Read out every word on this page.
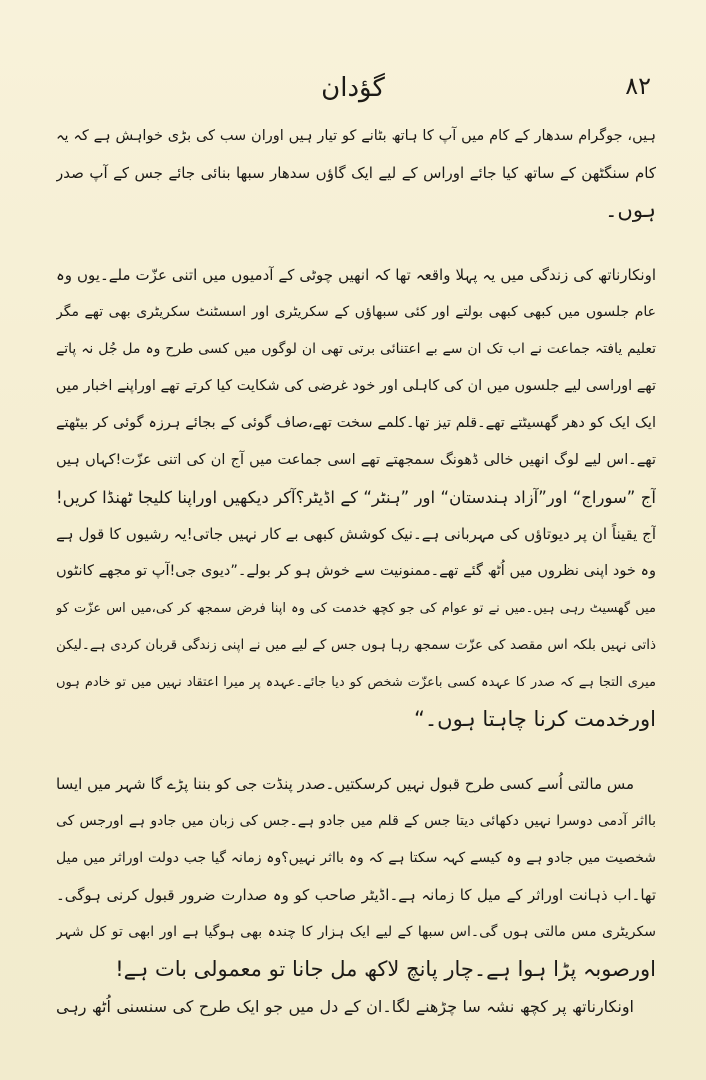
گؤدان	۸۲

ہیں، جوگرام سدھار کے کام میں آپ کا ہاتھ بٹانے کو تیار ہیں اوران سب کی بڑی خواہش ہے کہ یہ
کام سنگٹھن کے ساتھ کیا جائے اوراس کے لیے ایک گاؤں سدھار سبھا بنائی جائے جس کے آپ صدر
ہوں۔

اونکارناتھ کی زندگی میں یہ پہلا واقعہ تھا کہ انھیں چوٹی کے آدمیوں میں اتنی عزّت ملے۔یوں وہ
عام جلسوں میں کبھی کبھی بولتے اور کئی سبھاؤں کے سکریٹری اور اسسٹنٹ سکریٹری بھی تھے مگر
تعلیم یافتہ جماعت نے اب تک ان سے بے اعتنائی برتی تھی ان لوگوں میں کسی طرح وہ مل جُل نہ پاتے
تھے اوراسی لیے جلسوں میں ان کی کاہلی اور خود غرضی کی شکایت کیا کرتے تھے اوراپنے اخبار میں
ایک ایک کو دھر گھسیٹتے تھے۔قلم تیز تھا۔کلمے سخت تھے،صاف گوئی کے بجائے ہرزہ گوئی کر بیٹھتے
تھے۔اس لیے لوگ انھیں خالی ڈھونگ سمجھتے تھے اسی جماعت میں آج ان کی اتنی عزّت!کہاں ہیں
آج ”سوراج“ اور”آزاد ہندستان“ اور ”ہنٹر“ کے اڈیٹر؟آکر دیکھیں اوراپنا کلیجا ٹھنڈا کریں!
آج یقیناً ان پر دیوتاؤں کی مہربانی ہے۔نیک کوشش کبھی بے کار نہیں جاتی!یہ رشیوں کا قول ہے
وہ خود اپنی نظروں میں اُٹھ گئے تھے۔ممنونیت سے خوش ہو کر بولے۔”دیوی جی!آپ تو مجھے کانٹوں
میں گھسیٹ رہی ہیں۔میں نے تو عوام کی جو کچھ خدمت کی وہ اپنا فرض سمجھ کر کی،میں اس عزّت کو
ذاتی نہیں بلکہ اس مقصد کی عزّت سمجھ رہا ہوں جس کے لیے میں نے اپنی زندگی قربان کردی ہے۔لیکن
میری التجا ہے کہ صدر کا عہدہ کسی باعزّت شخص کو دیا جائے۔عہدہ پر میرا اعتقاد نہیں میں تو خادم ہوں
اورخدمت کرنا چاہتا ہوں۔“

مس مالتی اُسے کسی طرح قبول نہیں کرسکتیں۔صدر پنڈت جی کو بننا پڑے گا شہر میں ایسا
بااثر آدمی دوسرا نہیں دکھائی دیتا جس کے قلم میں جادو ہے۔جس کی زبان میں جادو ہے اورجس کی
شخصیت میں جادو ہے وہ کیسے کہہ سکتا ہے کہ وہ بااثر نہیں؟وہ زمانہ گیا جب دولت اوراثر میں میل
تھا۔اب ذہانت اوراثر کے میل کا زمانہ ہے۔اڈیٹر صاحب کو وہ صدارت ضرور قبول کرنی ہوگی۔
سکریٹری مس مالتی ہوں گی۔اس سبھا کے لیے ایک ہزار کا چندہ بھی ہوگیا ہے اور ابھی تو کل شہر
اورصوبہ پڑا ہوا ہے۔چار پانچ لاکھ مل جانا تو معمولی بات ہے!
اونکارناتھ پر کچھ نشہ سا چڑھنے لگا۔ان کے دل میں جو ایک طرح کی سنسنی اُٹھ رہی
